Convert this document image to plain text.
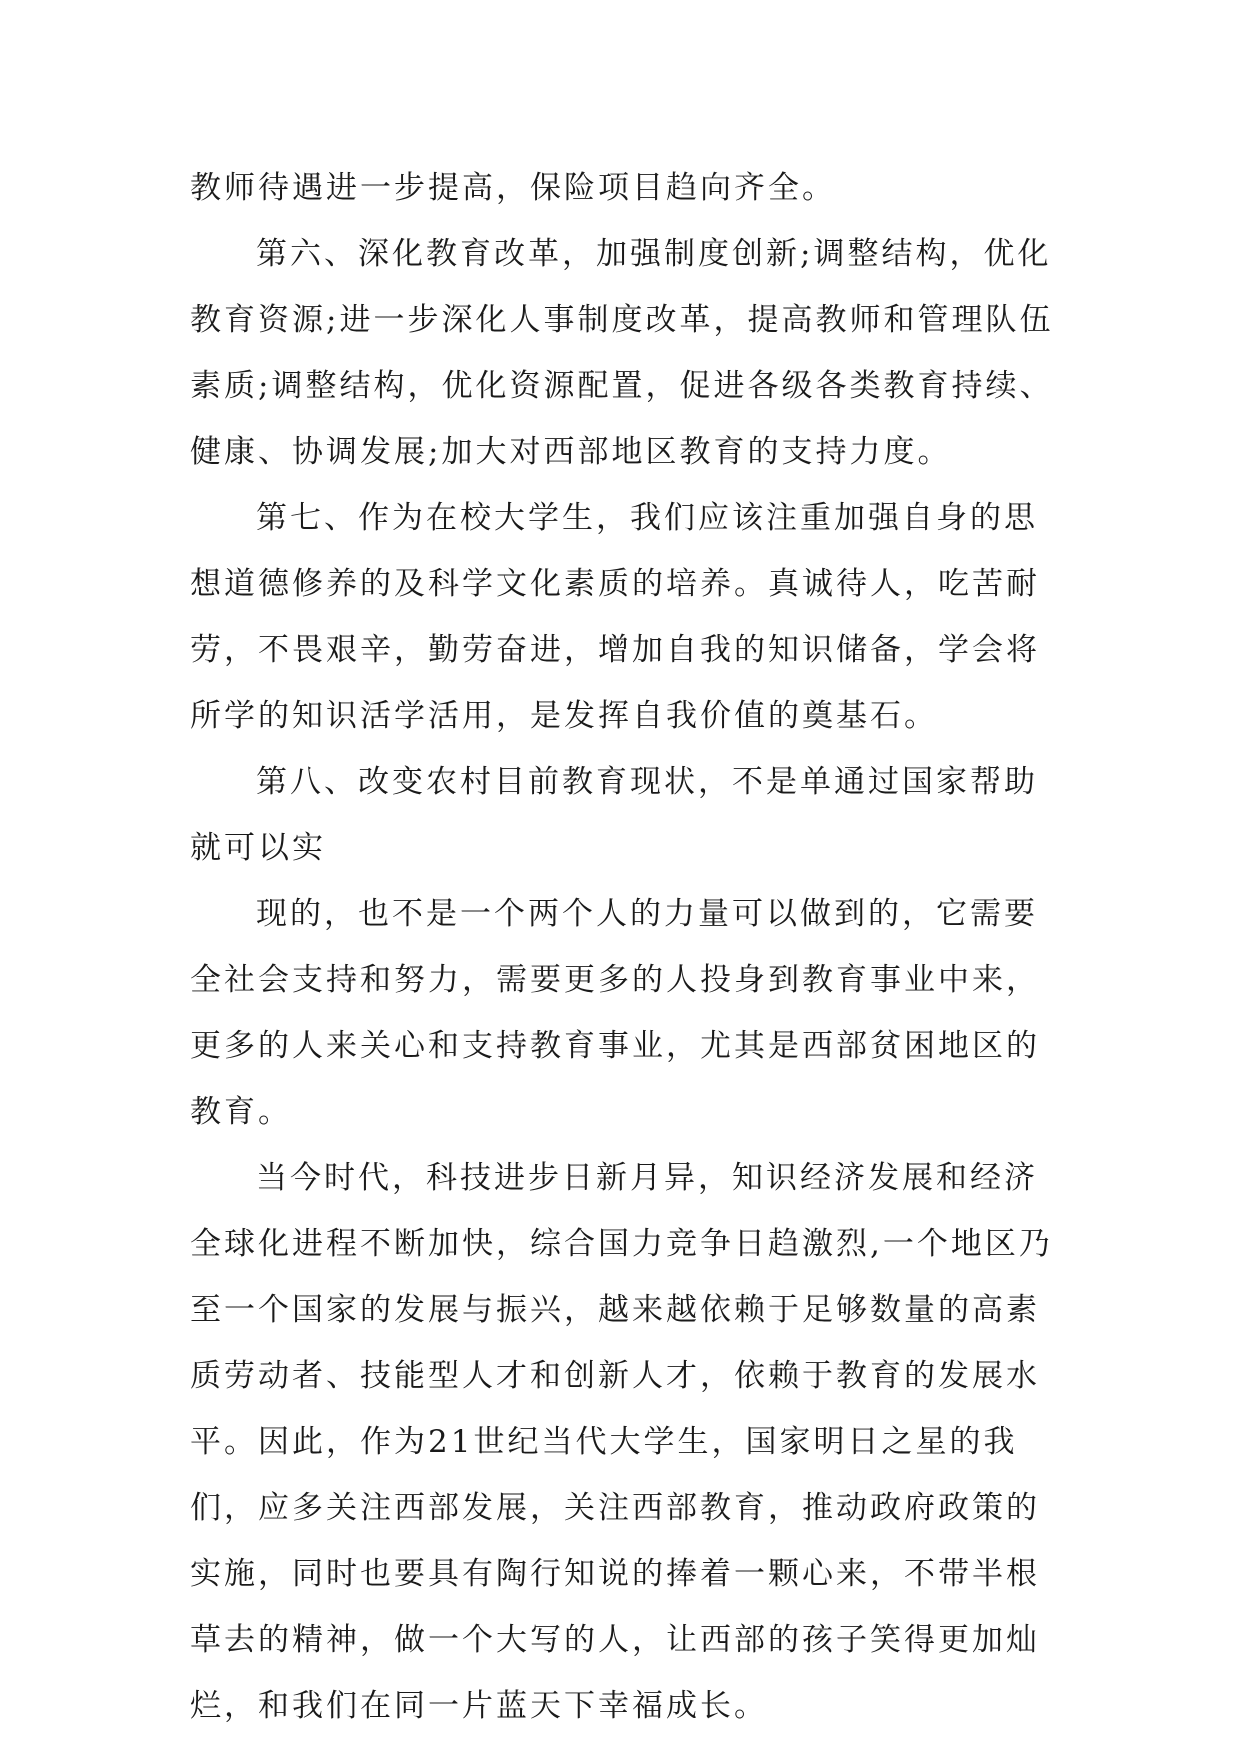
教师待遇进一步提高，保险项目趋向齐全。

第六、深化教育改革，加强制度创新;调整结构，优化教育资源;进一步深化人事制度改革，提高教师和管理队伍素质;调整结构，优化资源配置，促进各级各类教育持续、健康、协调发展;加大对西部地区教育的支持力度。

第七、作为在校大学生，我们应该注重加强自身的思想道德修养的及科学文化素质的培养。真诚待人，吃苦耐劳，不畏艰辛，勤劳奋进，增加自我的知识储备，学会将所学的知识活学活用，是发挥自我价值的奠基石。

第八、改变农村目前教育现状，不是单通过国家帮助就可以实

现的，也不是一个两个人的力量可以做到的，它需要全社会支持和努力，需要更多的人投身到教育事业中来，更多的人来关心和支持教育事业，尤其是西部贫困地区的教育。

当今时代，科技进步日新月异，知识经济发展和经济全球化进程不断加快，综合国力竞争日趋激烈,一个地区乃至一个国家的发展与振兴，越来越依赖于足够数量的高素质劳动者、技能型人才和创新人才，依赖于教育的发展水平。因此，作为21世纪当代大学生，国家明日之星的我们，应多关注西部发展，关注西部教育，推动政府政策的实施，同时也要具有陶行知说的捧着一颗心来，不带半根草去的精神，做一个大写的人，让西部的孩子笑得更加灿烂，和我们在同一片蓝天下幸福成长。
